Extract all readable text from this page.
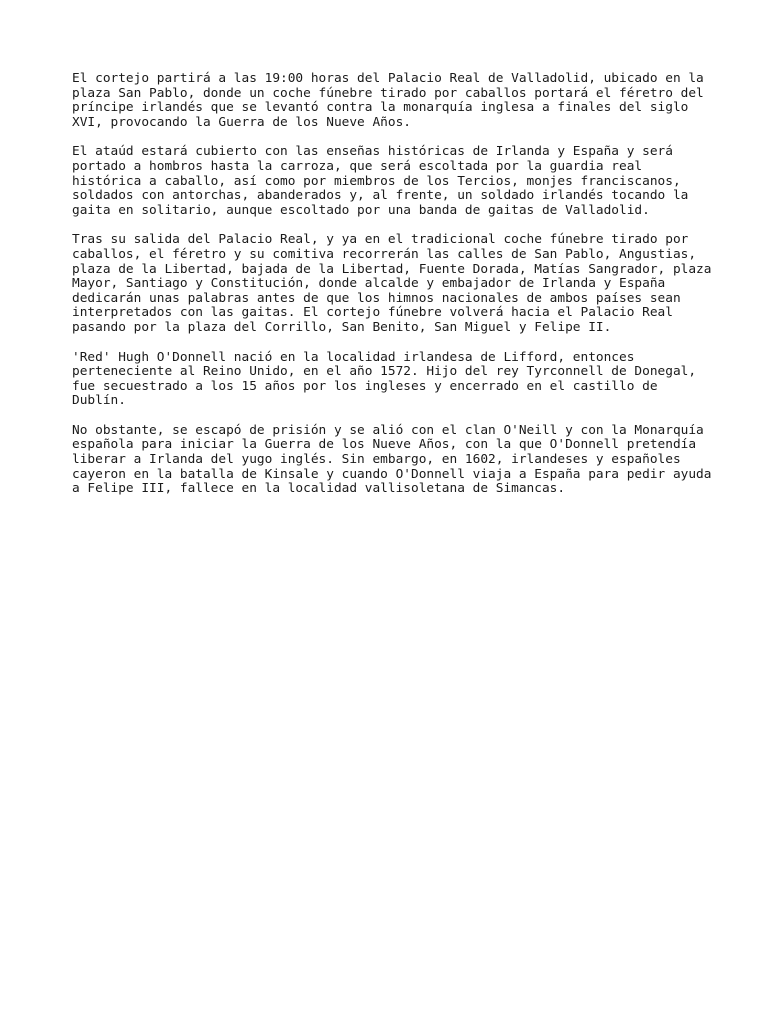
El cortejo partirá a las 19:00 horas del Palacio Real de Valladolid, ubicado en la
plaza San Pablo, donde un coche fúnebre tirado por caballos portará el féretro del
príncipe irlandés que se levantó contra la monarquía inglesa a finales del siglo
XVI, provocando la Guerra de los Nueve Años.

El ataúd estará cubierto con las enseñas históricas de Irlanda y España y será
portado a hombros hasta la carroza, que será escoltada por la guardia real
histórica a caballo, así como por miembros de los Tercios, monjes franciscanos,
soldados con antorchas, abanderados y, al frente, un soldado irlandés tocando la
gaita en solitario, aunque escoltado por una banda de gaitas de Valladolid.

Tras su salida del Palacio Real, y ya en el tradicional coche fúnebre tirado por
caballos, el féretro y su comitiva recorrerán las calles de San Pablo, Angustias,
plaza de la Libertad, bajada de la Libertad, Fuente Dorada, Matías Sangrador, plaza
Mayor, Santiago y Constitución, donde alcalde y embajador de Irlanda y España
dedicarán unas palabras antes de que los himnos nacionales de ambos países sean
interpretados con las gaitas. El cortejo fúnebre volverá hacia el Palacio Real
pasando por la plaza del Corrillo, San Benito, San Miguel y Felipe II.

'Red' Hugh O'Donnell nació en la localidad irlandesa de Lifford, entonces
perteneciente al Reino Unido, en el año 1572. Hijo del rey Tyrconnell de Donegal,
fue secuestrado a los 15 años por los ingleses y encerrado en el castillo de
Dublín.

No obstante, se escapó de prisión y se alió con el clan O'Neill y con la Monarquía
española para iniciar la Guerra de los Nueve Años, con la que O'Donnell pretendía
liberar a Irlanda del yugo inglés. Sin embargo, en 1602, irlandeses y españoles
cayeron en la batalla de Kinsale y cuando O'Donnell viaja a España para pedir ayuda
a Felipe III, fallece en la localidad vallisoletana de Simancas.
